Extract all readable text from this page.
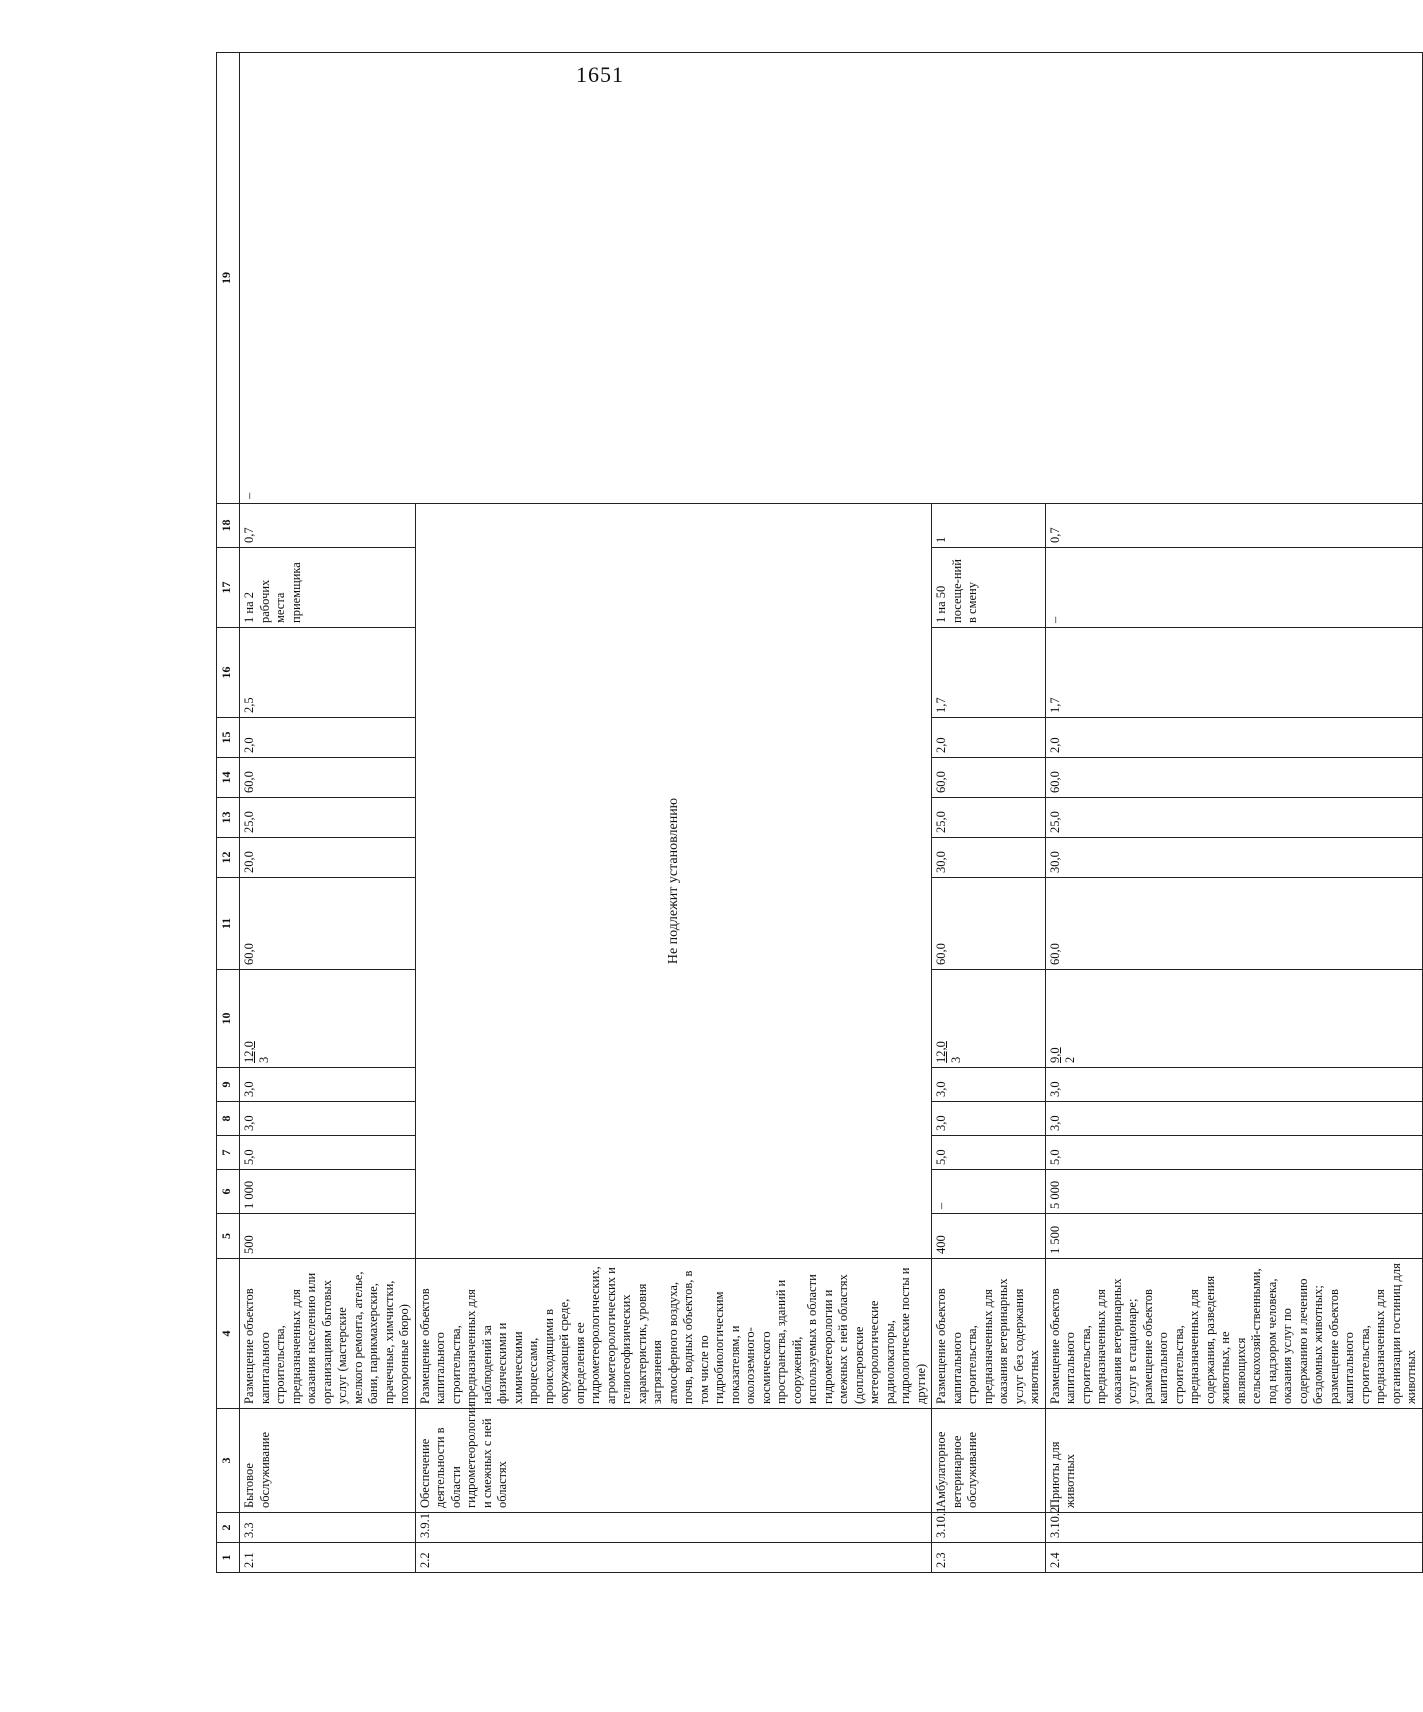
1651
1	2	3	4	5	6	7	8	9	10	11	12	13	14	15	16	17	18	19
2.1	3.3	Бытовое обслуживание	Размещение объектов капитального строительства, предназначенных для оказания населению или организациям бытовых услуг (мастерские мелкого ремонта, ателье, бани, парикмахерские, прачечные, химчистки, похоронные бюро)	500	1 000	5,0	3,0	3,0	12,0 3	60,0	20,0	25,0	60,0	2,0	2,5	1 на 2 рабочих места приемщика	0,7	–
2.2	3.9.1	Обеспечение деятельности в области гидрометеорологии и смежных с ней областях	Размещение объектов капитального строительства, предназначенных для наблюдений за физическими и химическими процессами, происходящими в окружающей среде, определения ее гидрометеорологических, агрометеорологических и гелиогеофизических характеристик, уровня загрязнения атмосферного воздуха, почв, водных объектов, в том числе по гидробиологическим показателям, и околоземного-космического пространства, зданий и сооружений, используемых в области гидрометеорологии и смежных с ней областях (доплеровские метеорологические радиолокаторы, гидрологические посты и другие)	Не подлежит установлению														
2.3	3.10.1	Амбулаторное ветеринарное обслуживание	Размещение объектов капитального строительства, предназначенных для оказания ветеринарных услуг без содержания животных	400	–	5,0	3,0	3,0	12,0 3	60,0	30,0	25,0	60,0	2,0	1,7	1 на 50 посеще-ний в смену	1	
2.4	3.10.2	Приюты для животных	Размещение объектов капитального строительства, предназначенных для оказания ветеринарных услуг в стационаре; размещение объектов капитального строительства, предназначенных для содержания, разведения животных, не являющихся сельскохозяй-ственными, под надзором человека, оказания услуг по содержанию и лечению бездомных животных; размещение объектов капитального строительства, предназначенных для организации гостиниц для животных	1 500	5 000	5,0	3,0	3,0	9,0 2	60,0	30,0	25,0	60,0	2,0	1,7	–	0,7	
